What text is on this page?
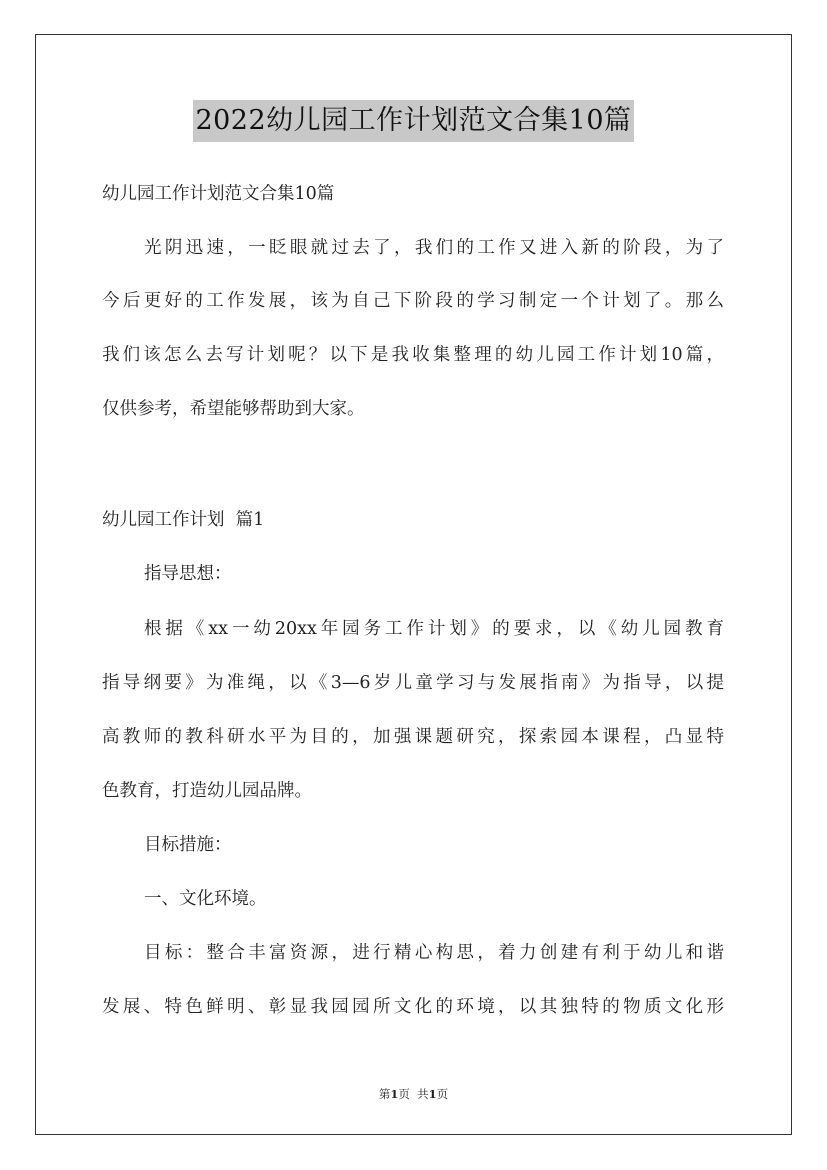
2022幼儿园工作计划范文合集10篇
幼儿园工作计划范文合集10篇
光阴迅速，一眨眼就过去了，我们的工作又进入新的阶段，为了
今后更好的工作发展，该为自己下阶段的学习制定一个计划了。那么
我们该怎么去写计划呢？以下是我收集整理的幼儿园工作计划10篇，
仅供参考，希望能够帮助到大家。
幼儿园工作计划  篇1
指导思想：
根据《xx一幼20xx年园务工作计划》的要求，以《幼儿园教育
指导纲要》为准绳，以《3—6岁儿童学习与发展指南》为指导，以提
高教师的教科研水平为目的，加强课题研究，探索园本课程，凸显特
色教育，打造幼儿园品牌。
目标措施：
一、文化环境。
目标：整合丰富资源，进行精心构思，着力创建有利于幼儿和谐
发展、特色鲜明、彰显我园园所文化的环境，以其独特的物质文化形
第1页  共1页
